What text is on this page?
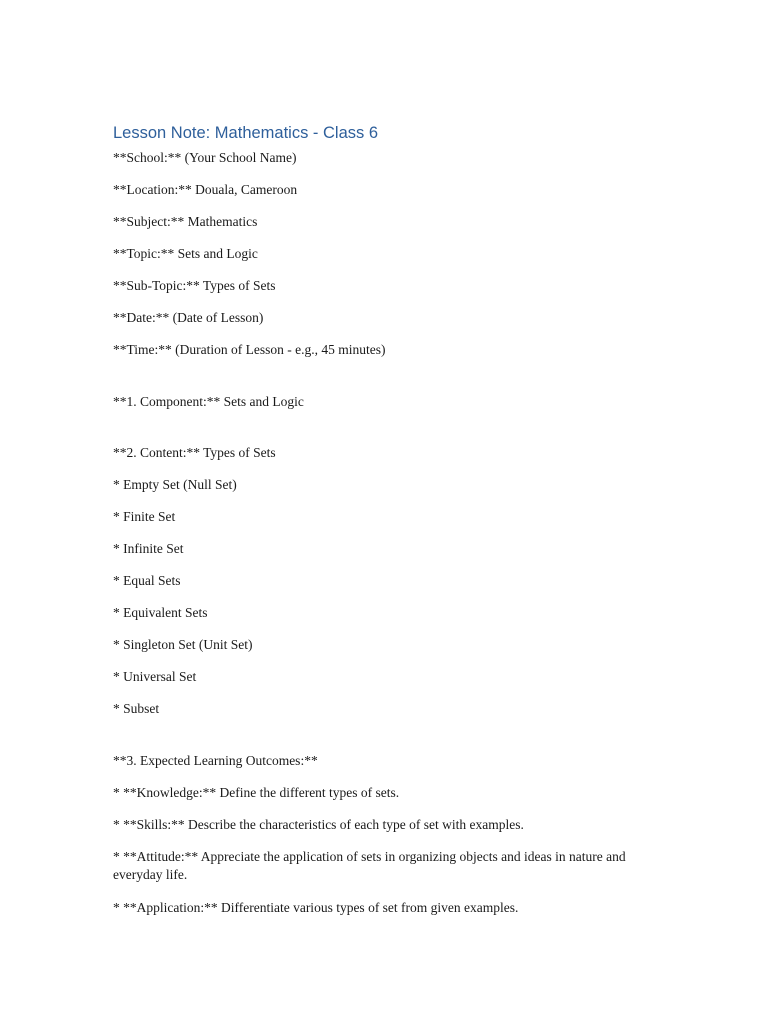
Lesson Note: Mathematics - Class 6

**School:** (Your School Name)

**Location:** Douala, Cameroon

**Subject:** Mathematics

**Topic:** Sets and Logic

**Sub-Topic:** Types of Sets

**Date:** (Date of Lesson)

**Time:** (Duration of Lesson - e.g., 45 minutes)

**1. Component:** Sets and Logic

**2. Content:** Types of Sets

* Empty Set (Null Set)

* Finite Set

* Infinite Set

* Equal Sets

* Equivalent Sets

* Singleton Set (Unit Set)

* Universal Set

* Subset

**3. Expected Learning Outcomes:**

* **Knowledge:** Define the different types of sets.

* **Skills:** Describe the characteristics of each type of set with examples.

* **Attitude:** Appreciate the application of sets in organizing objects and ideas in nature and everyday life.

* **Application:** Differentiate various types of set from given examples.
